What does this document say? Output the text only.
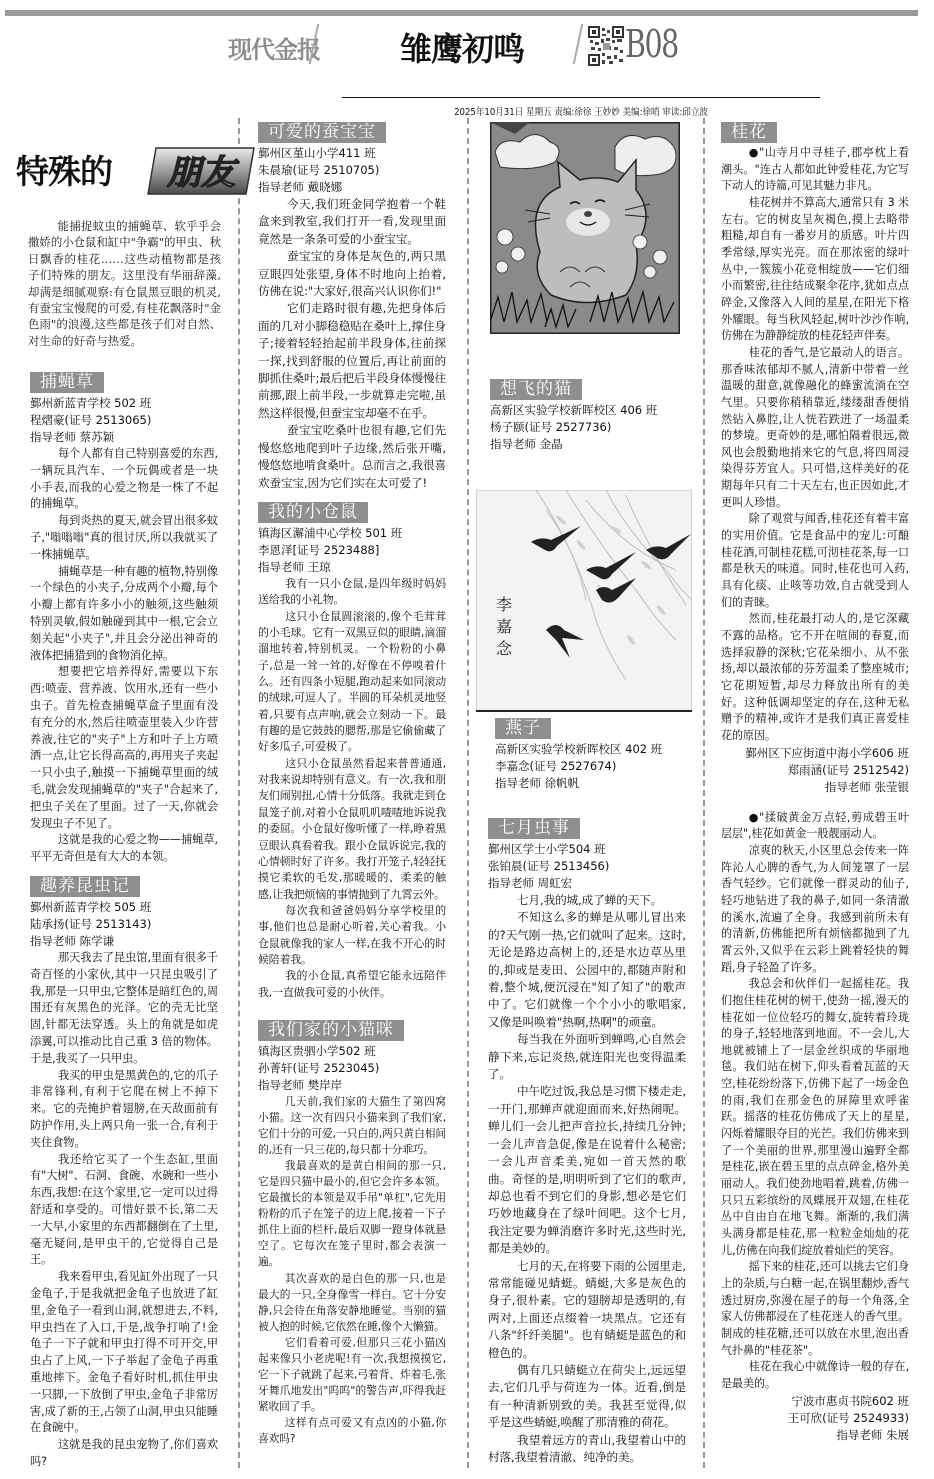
现代金报	雏鹰初鸣	B08
2025年10月31日 星期五 责编:徐徐 王妙妙 美编:徐哨 审读:邱立波
特殊的 朋友
能捕捉蚊虫的捕蝇草、软乎乎会撒娇的小仓鼠和缸中"争霸"的甲虫、秋日飘香的桂花……这些动植物都是孩子们特殊的朋友。这里没有华丽辞藻,却满是细腻观察:有仓鼠黑豆眼的机灵,有蚕宝宝慢爬的可爱,有桂花飘落时"金色雨"的浪漫,这些都是孩子们对自然、对生命的好奇与热爱。
捕蝇草
鄞州新蓝青学校 502 班
程熠豪(证号 2513065)
指导老师 蔡苏颖

每个人都有自己特别喜爱的东西,一辆玩具汽车、一个玩偶或者是一块小手表,而我的心爱之物是一株了不起的捕蝇草。

每到炎热的夏天,就会冒出很多蚊子,"嗡嗡嗡"真的很讨厌,所以我就买了一株捕蝇草。

捕蝇草是一种有趣的植物,特别像一个绿色的小夹子,分成两个小瓣,每个小瓣上都有许多小小的触须,这些触须特别灵敏,假如触碰到其中一根,它会立刻关起"小夹子",并且会分泌出神奇的液体把捕猎到的食物消化掉。

想要把它培养得好,需要以下东西:喷壶、营养液、饮用水,还有一些小虫子。首先检查捕蝇草盒子里面有没有充分的水,然后往喷壶里装入少许营养液,往它的"夹子"上方和叶子上方喷洒一点,让它长得高高的,再用夹子夹起一只小虫子,触摸一下捕蝇草里面的绒毛,就会发现捕蝇草的"夹子"合起来了,把虫子关在了里面。过了一天,你就会发现虫子不见了。

这就是我的心爱之物——捕蝇草,平平无奇但是有大大的本领。

趣养昆虫记
鄞州新蓝青学校 505 班
陆承扬(证号 2513143)
指导老师 陈学谦

那天我去了昆虫馆,里面有很多千奇百怪的小家伙,其中一只昆虫吸引了我,那是一只甲虫,它整体是暗红色的,周围还有灰黑色的光泽。它的壳无比坚固,针都无法穿透。头上的角就是如虎添翼,可以推动比自己重 3 倍的物体。于是,我买了一只甲虫。

我买的甲虫是黑黄色的,它的爪子非常锋利,有利于它爬在树上不掉下来。它的壳掩护着翅膀,在天敌面前有防护作用,头上两只角一张一合,有利于夹住食物。

我还给它买了一个生态缸,里面有"大树"、石洞、食碗、水碗和一些小东西,我想:在这个家里,它一定可以过得舒适和享受的。可惜好景不长,第二天一大早,小家里的东西都翻倒在了土里,毫无疑问,是甲虫干的,它觉得自己是王。

我来看甲虫,看见缸外出现了一只金龟子,于是我就把金龟子也放进了缸里,金龟子一看到山洞,就想进去,不料,甲虫挡在了入口,于是,战争打响了!金龟子一下子就和甲虫打得不可开交,甲虫占了上风,一下子举起了金龟子再重重地摔下。金龟子看好时机,抓住甲虫一只脚,一下放倒了甲虫,金龟子非常厉害,成了新的王,占领了山洞,甲虫只能睡在食碗中。

这就是我的昆虫宠物了,你们喜欢吗?

可爱的蚕宝宝
鄞州区堇山小学411 班
朱晨瑜(证号 2510705)
指导老师 戴晓娜

今天,我们班金同学抱着一个鞋盒来到教室,我们打开一看,发现里面竟然是一条条可爱的小蚕宝宝。

蚕宝宝的身体是灰色的,两只黑豆眼四处张望,身体不时地向上抬着,仿佛在说:"大家好,很高兴认识你们!"

它们走路时很有趣,先把身体后面的几对小脚稳稳贴在桑叶上,撑住身子;接着轻轻抬起前半段身体,往前探一探,找到舒服的位置后,再让前面的脚抓住桑叶;最后把后半段身体慢慢往前挪,跟上前半段,一步就算走完啦,虽然这样很慢,但蚕宝宝却毫不在乎。

蚕宝宝吃桑叶也很有趣,它们先慢悠悠地爬到叶子边缘,然后张开嘴,慢悠悠地啃食桑叶。总而言之,我很喜欢蚕宝宝,因为它们实在太可爱了!

我的小仓鼠
镇海区澥浦中心学校 501 班
李恩泽[证号 2523488]
指导老师 王琼

我有一只小仓鼠,是四年级时妈妈送给我的小礼物。

这只小仓鼠圆滚滚的,像个毛茸茸的小毛球。它有一双黑豆似的眼睛,滴溜溜地转着,特别机灵。一个粉粉的小鼻子,总是一耸一耸的,好像在不停嗅着什么。还有四条小短腿,跑动起来如同滚动的绒球,可逗人了。半圆的耳朵机灵地竖着,只要有点声响,就会立刻动一下。最有趣的是它鼓鼓的腮帮,那是它偷偷藏了好多瓜子,可爱极了。

这只小仓鼠虽然看起来普普通通,对我来说却特别有意义。有一次,我和朋友们闹别扭,心情十分低落。我就走到仓鼠笼子前,对着小仓鼠叽叽喳喳地诉说我的委屈。小仓鼠好像听懂了一样,睁着黑豆眼认真看着我。跟小仓鼠诉说完,我的心情顿时好了许多。我打开笼子,轻轻抚摸它柔软的毛发,那暖暖的、柔柔的触感,让我把烦恼的事情抛到了九霄云外。

每次我和爸爸妈妈分享学校里的事,他们也总是耐心听着,关心着我。小仓鼠就像我的家人一样,在我不开心的时候陪着我。

我的小仓鼠,真希望它能永远陪伴我,一直做我可爱的小伙伴。

我们家的小猫咪
镇海区贵驷小学502 班
孙菁轩(证号 2523045)
指导老师 樊岸岸

几天前,我们家的大猫生了第四窝小猫。这一次有四只小猫来到了我们家,它们十分的可爱,一只白的,两只黄白相间的,还有一只三花的,每只都十分乖巧。

我最喜欢的是黄白相间的那一只,它是四只猫中最小的,但它会许多本领。它最擅长的本领是双手吊"单杠",它先用粉粉的爪子在笼子的边上爬,接着一下子抓住上面的栏杆,最后双脚一蹬身体就悬空了。它每次在笼子里时,都会表演一遍。

其次喜欢的是白色的那一只,也是最大的一只,全身像雪一样白。它十分安静,只会待在角落安静地睡觉。当别的猫被人抱的时候,它依然在睡,像个大懒猫。

它们看着可爱,但那只三花小猫凶起来像只小老虎呢!有一次,我想摸摸它,它一下子就跳了起来,弓着背、炸着毛,张牙舞爪地发出"呜呜"的警告声,吓得我赶紧收回了手。

这样有点可爱又有点凶的小猫,你喜欢吗?

想飞的猫
高新区实验学校新晖校区 406 班
杨子颐(证号 2527736)
指导老师 金晶
李
嘉
念
燕子
高新区实验学校新晖校区 402 班
李嘉念(证号 2527674)
指导老师 徐帆帆
七月虫事
鄞州区学士小学504 班
张铂晨(证号 2513456)
指导老师 周虹宏

七月,我的城,成了蝉的天下。

不知这么多的蝉是从哪儿冒出来的?天气刚一热,它们就叫了起来。这时,无论是路边高树上的,还是水边草丛里的,抑或是麦田、公园中的,都随声附和着,整个城,便沉浸在"知了知了"的歌声中了。它们就像一个个小小的歌唱家,又像是叫唤着"热啊,热啊"的顽童。

每当我在外面听到蝉鸣,心自然会静下来,忘记炎热,就连阳光也变得温柔了。

中午吃过饭,我总是习惯下楼走走,一开门,那蝉声就迎面而来,好热闹呢。蝉儿们一会儿把声音拉长,持续几分钟;一会儿声音急促,像是在说着什么秘密;一会儿声音柔美,宛如一首天然的歌曲。奇怪的是,明明听到了它们的歌声,却总也看不到它们的身影,想必是它们巧妙地藏身在了绿叶间吧。这个七月,我注定要为蝉消磨许多时光,这些时光,都是美妙的。

七月的天,在将要下雨的公园里走,常常能碰见蜻蜓。蜻蜓,大多是灰色的身子,很朴素。它的翅膀却是透明的,有两对,上面还点缀着一块黑点。它还有八条"纤纤美腿"。也有蜻蜓是蓝色的和橙色的。

偶有几只蜻蜓立在荷尖上,远远望去,它们几乎与荷连为一体。近看,倒是有一种清新别致的美。我甚至觉得,似乎是这些蜻蜓,唤醒了那清雅的荷花。

我望着远方的青山,我望着山中的村落,我望着清澈、纯净的美。

桂花

●"山寺月中寻桂子,郡亭枕上看潮头。"连古人都如此钟爱桂花,为它写下动人的诗篇,可见其魅力非凡。

桂花树并不算高大,通常只有 3 米左右。它的树皮呈灰褐色,摸上去略带粗糙,却自有一番岁月的质感。叶片四季常绿,厚实光亮。而在那浓密的绿叶丛中,一簇簇小花竞相绽放——它们细小而繁密,往往结成聚伞花序,犹如点点碎金,又像落入人间的星星,在阳光下格外耀眼。每当秋风轻起,树叶沙沙作响,仿佛在为静静绽放的桂花轻声伴奏。

桂花的香气,是它最动人的语言。那香味浓郁却不腻人,清新中带着一丝温暖的甜意,就像融化的蜂蜜流淌在空气里。只要你稍稍靠近,缕缕甜香便悄然钻入鼻腔,让人恍若跌进了一场温柔的梦境。更奇妙的是,哪怕隔着很远,微风也会殷勤地捎来它的气息,将四周浸染得芬芳宜人。只可惜,这样美好的花期每年只有二十天左右,也正因如此,才更叫人珍惜。

除了观赏与闻香,桂花还有着丰富的实用价值。它是食品中的宠儿:可酿桂花酒,可制桂花糕,可沏桂花茶,每一口都是秋天的味道。同时,桂花也可入药,具有化痰、止咳等功效,自古就受到人们的青睐。

然而,桂花最打动人的,是它深藏不露的品格。它不开在喧闹的春夏,而选择寂静的深秋;它花朵细小、从不张扬,却以最浓郁的芬芳温柔了整座城市;它花期短暂,却尽力释放出所有的美好。这种低调却坚定的存在,这种无私赠予的精神,或许才是我们真正喜爱桂花的原因。

鄞州区下应街道中海小学606 班
郑雨涵(证号 2512542)
指导老师 张莹银

●"揉破黄金万点轻,剪成碧玉叶层层",桂花如黄金一般靓丽动人。

凉爽的秋天,小区里总会传来一阵阵沁人心脾的香气,为人间笼罩了一层香气轻纱。它们就像一群灵动的仙子,轻巧地钻进了我的鼻子,如同一条清澈的溪水,流遍了全身。我感到前所未有的清新,仿佛能把所有烦恼都抛到了九霄云外,又似乎在云彩上跳着轻快的舞蹈,身子轻盈了许多。

我总会和伙伴们一起摇桂花。我们抱住桂花树的树干,使劲一摇,漫天的桂花如一位位轻巧的舞女,旋转着玲珑的身子,轻轻地落到地面。不一会儿,大地就被铺上了一层金丝织成的华丽地毯。我们站在树下,仰头看着瓦蓝的天空,桂花纷纷落下,仿佛下起了一场金色的雨,我们在那金色的屏障里欢呼雀跃。摇落的桂花仿佛成了天上的星星,闪烁着耀眼夺目的光芒。我们仿佛来到了一个美丽的世界,那里漫山遍野全都是桂花,嵌在碧玉里的点点碎金,格外美丽动人。我们使劲地唱着,跳着,仿佛一只只五彩缤纷的凤蝶展开双翅,在桂花丛中自由自在地飞舞。渐渐的,我们满头满身都是桂花,那一粒粒金灿灿的花儿,仿佛在向我们绽放着灿烂的笑容。

摇下来的桂花,还可以挑去它们身上的杂质,与白糖一起,在锅里翻炒,香气透过厨房,弥漫在屋子的每一个角落,全家人仿佛都浸在了桂花迷人的香气里。制成的桂花糖,还可以放在水里,泡出香气扑鼻的"桂花茶"。

桂花在我心中就像诗一般的存在,是最美的。

宁波市惠贞书院602 班
王可欣(证号 2524933)
指导老师 朱展
